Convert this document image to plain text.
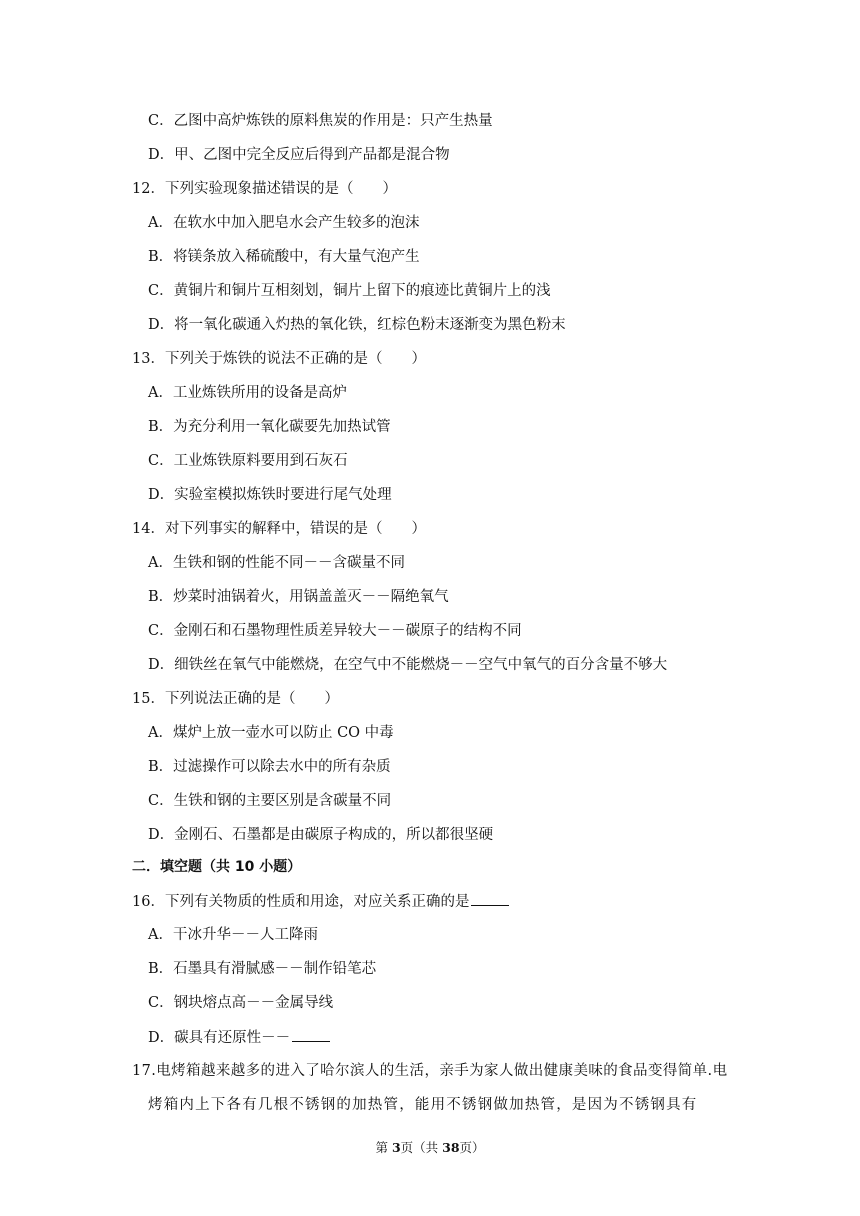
C．乙图中高炉炼铁的原料焦炭的作用是：只产生热量
D．甲、乙图中完全反应后得到产品都是混合物
12．下列实验现象描述错误的是（　　）
A．在软水中加入肥皂水会产生较多的泡沫
B．将镁条放入稀硫酸中，有大量气泡产生
C．黄铜片和铜片互相刻划，铜片上留下的痕迹比黄铜片上的浅
D．将一氧化碳通入灼热的氧化铁，红棕色粉末逐渐变为黑色粉末
13．下列关于炼铁的说法不正确的是（　　）
A．工业炼铁所用的设备是高炉
B．为充分利用一氧化碳要先加热试管
C．工业炼铁原料要用到石灰石
D．实验室模拟炼铁时要进行尾气处理
14．对下列事实的解释中，错误的是（　　）
A．生铁和钢的性能不同－－含碳量不同
B．炒菜时油锅着火，用锅盖盖灭－－隔绝氧气
C．金刚石和石墨物理性质差异较大－－碳原子的结构不同
D．细铁丝在氧气中能燃烧，在空气中不能燃烧－－空气中氧气的百分含量不够大
15．下列说法正确的是（　　）
A．煤炉上放一壶水可以防止 CO 中毒
B．过滤操作可以除去水中的所有杂质
C．生铁和钢的主要区别是含碳量不同
D．金刚石、石墨都是由碳原子构成的，所以都很坚硬
二．填空题（共 10 小题）
16．下列有关物质的性质和用途，对应关系正确的是
A．干冰升华－－人工降雨
B．石墨具有滑腻感－－制作铅笔芯
C．钢块熔点高－－金属导线
D．碳具有还原性－－
17.电烤箱越来越多的进入了哈尔滨人的生活，亲手为家人做出健康美味的食品变得简单.电
烤箱内上下各有几根不锈钢的加热管，能用不锈钢做加热管，是因为不锈钢具有
第 3页（共 38页）
